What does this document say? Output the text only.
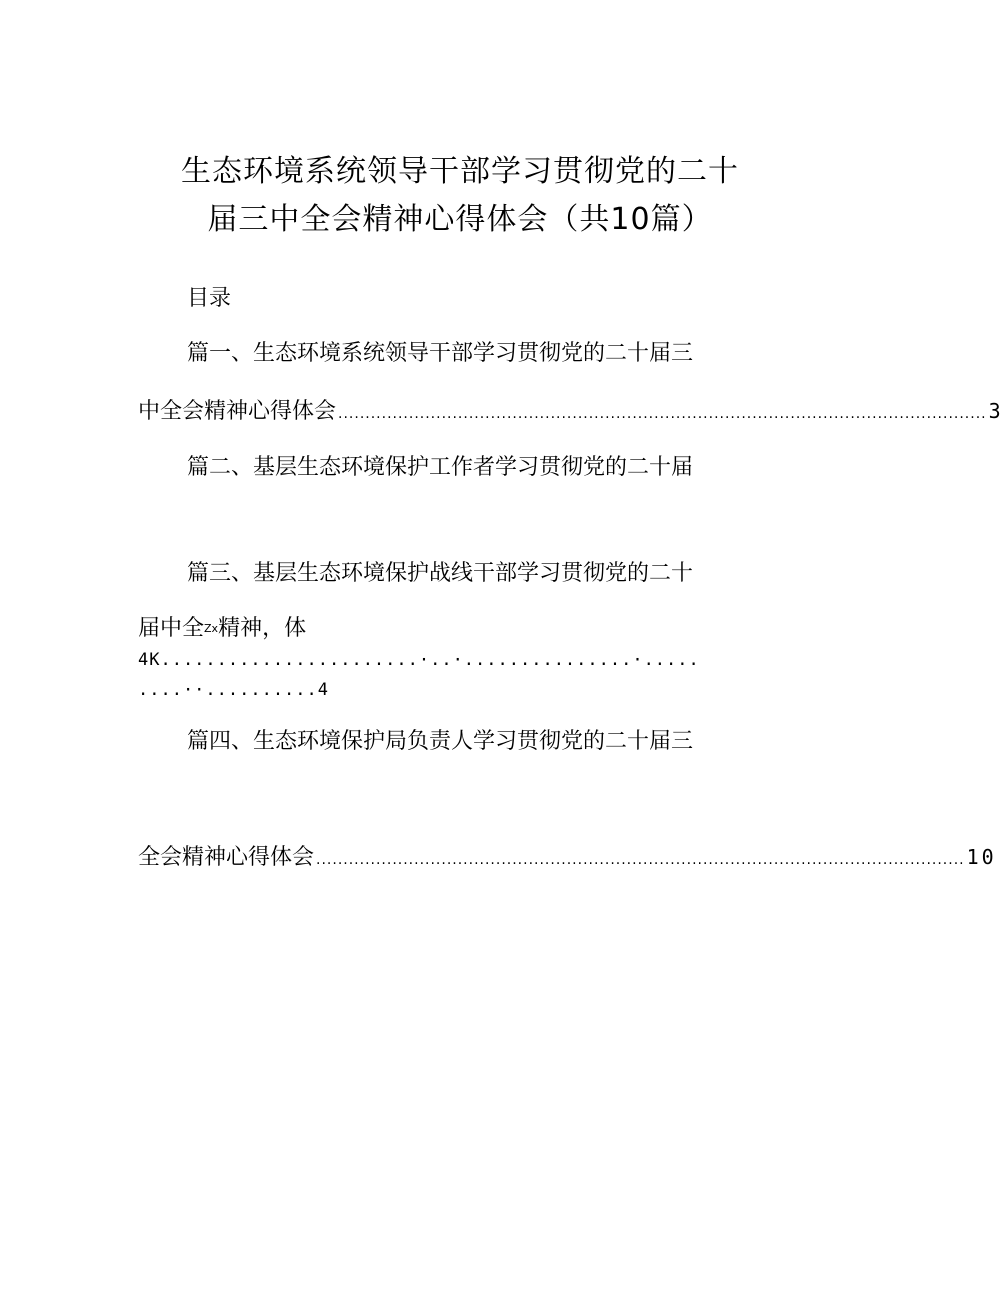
生态环境系统领导干部学习贯彻党的二十
届三中全会精神心得体会（共10篇）
目录
篇一、生态环境系统领导干部学习贯彻党的二十届三
中全会精神心得体会 ....................................................................................................................... 3
篇二、基层生态环境保护工作者学习贯彻党的二十届
篇三、基层生态环境保护战线干部学习贯彻党的二十
届中全Zx精神，体
4K.......................·..·...............·.....
....··..........4
篇四、生态环境保护局负责人学习贯彻党的二十届三
全会精神心得体会 ....................................................................................................................... 10
